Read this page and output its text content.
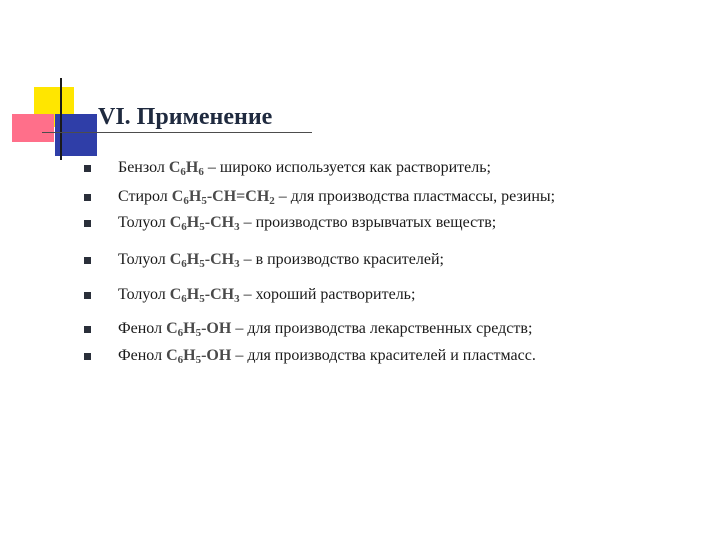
VI. Применение
Бензол $C_6H_6$ – широко используется как растворитель;
Стирол $C_6H_5-CH=CH_2$ – для производства пластмассы, резины;
Толуол $C_6H_5-CH_3$ – производство взрывчатых веществ;
Толуол $C_6H_5-CH_3$ – в производство красителей;
Толуол $C_6H_5-CH_3$ – хороший растворитель;
Фенол $C_6H_5-OH$ – для производства лекарственных средств;
Фенол $C_6H_5-OH$ – для производства красителей и пластмасс.
